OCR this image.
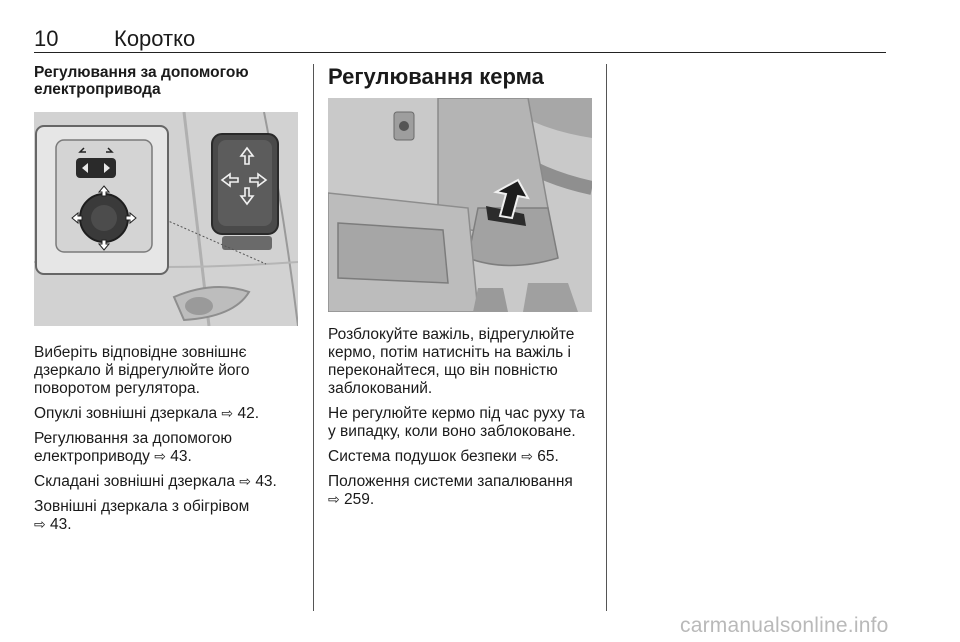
10	Коротко
Регулювання за допомогою
електропривода

Виберіть відповідне зовнішнє
дзеркало й відрегулюйте його
поворотом регулятора.

Опуклі зовнішні дзеркала ⇨ 42.

Регулювання за допомогою
електроприводу ⇨ 43.

Складані зовнішні дзеркала ⇨ 43.

Зовнішні дзеркала з обігрівом
⇨ 43.

Регулювання керма

Розблокуйте важіль, відрегулюйте
кермо, потім натисніть на важіль і
переконайтеся, що він повністю
заблокований.

Не регулюйте кермо під час руху та
у випадку, коли воно заблоковане.

Система подушок безпеки ⇨ 65.

Положення системи запалювання
⇨ 259.

carmanualsonline.info
